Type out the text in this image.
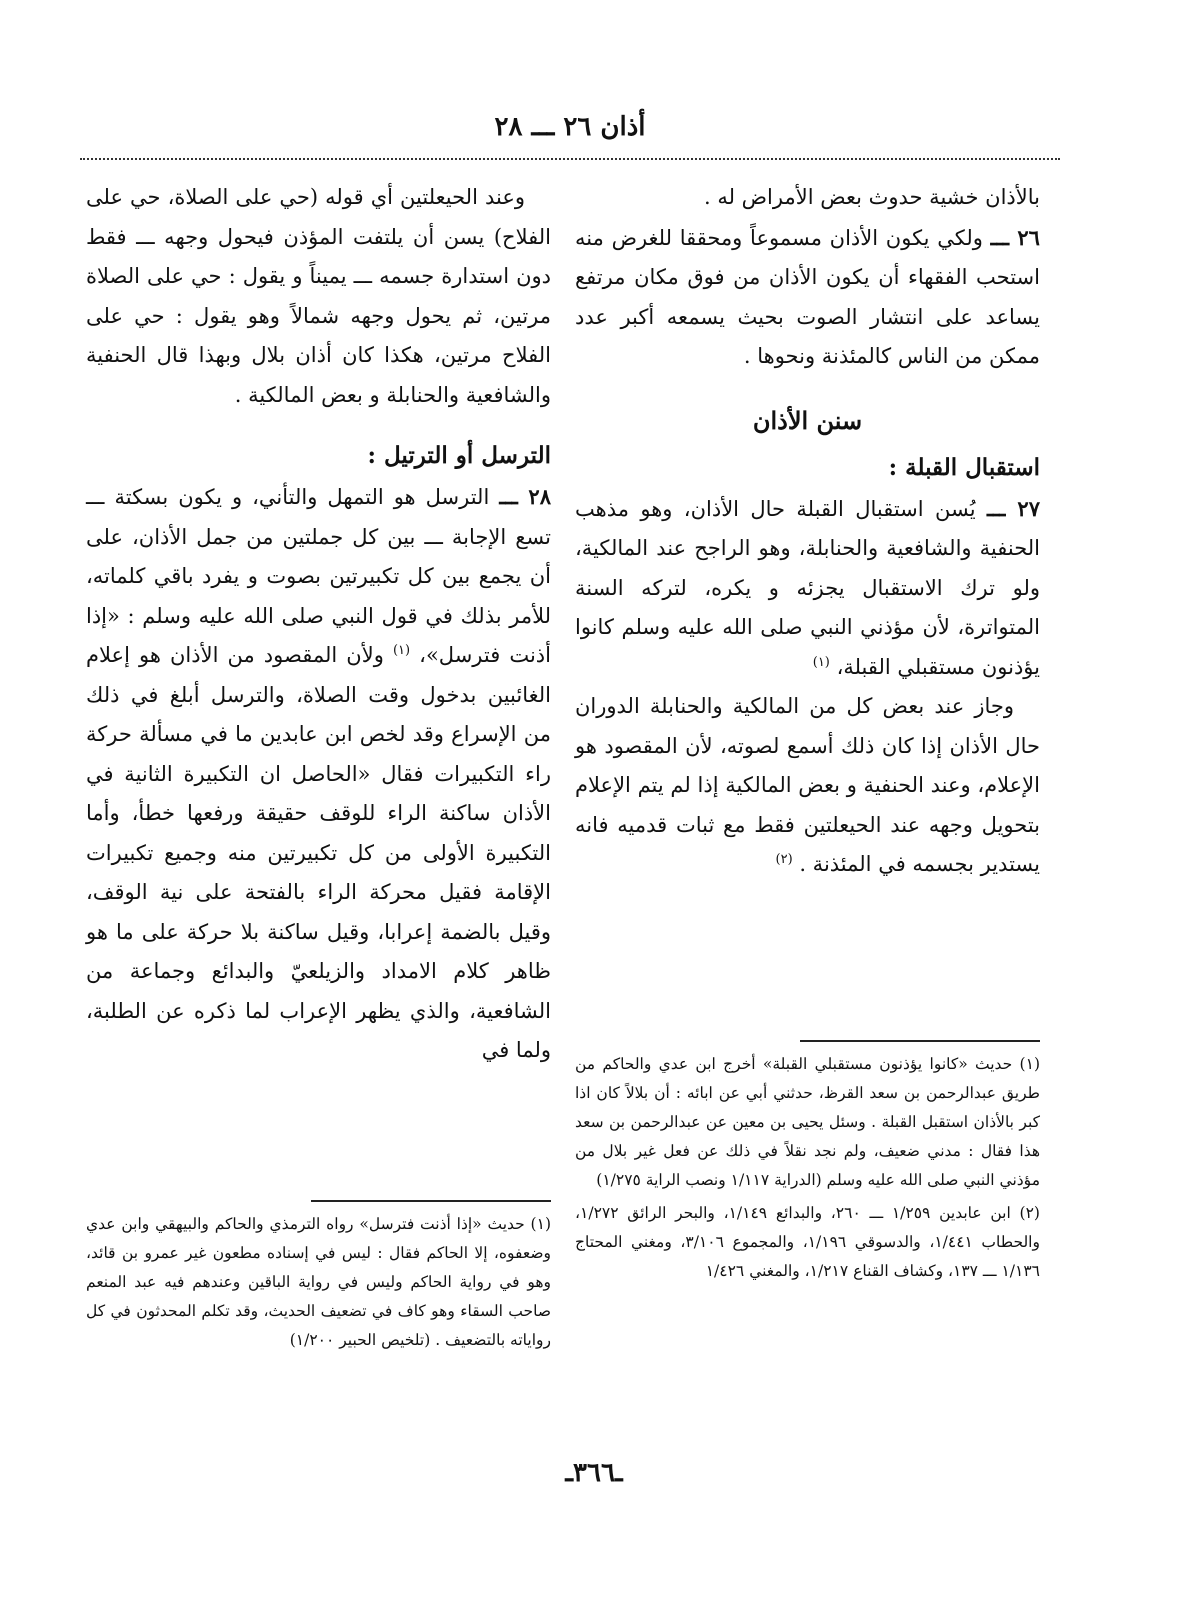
أذان ٢٦ ـــ ٢٨

بالأذان خشية حدوث بعض الأمراض له .

٢٦ ـــ ولكي يكون الأذان مسموعاً ومحققا للغرض منه استحب الفقهاء أن يكون الأذان من فوق مكان مرتفع يساعد على انتشار الصوت بحيث يسمعه أكبر عدد ممكن من الناس كالمئذنة ونحوها .

سنن الأذان

استقبال القبلة :

٢٧ ـــ يُسن استقبال القبلة حال الأذان، وهو مذهب الحنفية والشافعية والحنابلة، وهو الراجح عند المالكية، ولو ترك الاستقبال يجزئه و يكره، لتركه السنة المتواترة، لأن مؤذني النبي صلى الله عليه وسلم كانوا يؤذنون مستقبلي القبلة، $^{(١)}$

وجاز عند بعض كل من المالكية والحنابلة الدوران حال الأذان إذا كان ذلك أسمع لصوته، لأن المقصود هو الإعلام، وعند الحنفية و بعض المالكية إذا لم يتم الإعلام بتحويل وجهه عند الحيعلتين فقط مع ثبات قدميه فانه يستدير بجسمه في المئذنة . $^{(٢)}$

وعند الحيعلتين أي قوله (حي على الصلاة، حي على الفلاح) يسن أن يلتفت المؤذن فيحول وجهه ـــ فقط دون استدارة جسمه ـــ يميناً و يقول : حي على الصلاة مرتين، ثم يحول وجهه شمالاً وهو يقول : حي على الفلاح مرتين، هكذا كان أذان بلال وبهذا قال الحنفية والشافعية والحنابلة و بعض المالكية .

الترسل أو الترتيل :

٢٨ ـــ الترسل هو التمهل والتأني، و يكون بسكتة ـــ تسع الإجابة ـــ بين كل جملتين من جمل الأذان، على أن يجمع بين كل تكبيرتين بصوت و يفرد باقي كلماته، للأمر بذلك في قول النبي صلى الله عليه وسلم : «إذا أذنت فترسل»، $^{(١)}$ ولأن المقصود من الأذان هو إعلام الغائبين بدخول وقت الصلاة، والترسل أبلغ في ذلك من الإسراع وقد لخص ابن عابدين ما في مسألة حركة راء التكبيرات فقال «الحاصل ان التكبيرة الثانية في الأذان ساكنة الراء للوقف حقيقة ورفعها خطأ، وأما التكبيرة الأولى من كل تكبيرتين منه وجميع تكبيرات الإقامة فقيل محركة الراء بالفتحة على نية الوقف، وقيل بالضمة إعرابا، وقيل ساكنة بلا حركة على ما هو ظاهر كلام الامداد والزيلعيّ والبدائع وجماعة من الشافعية، والذي يظهر الإعراب لما ذكره عن الطلبة، ولما في

(١) حديث «كانوا يؤذنون مستقبلي القبلة» أخرج ابن عدي والحاكم من طريق عبدالرحمن بن سعد القرظ، حدثني أبي عن ابائه : أن بلالاً كان اذا كبر بالأذان استقبل القبلة . وسئل يحيى بن معين عن عبدالرحمن بن سعد هذا فقال : مدني ضعيف، ولم نجد نقلاً في ذلك عن فعل غير بلال من مؤذني النبي صلى الله عليه وسلم (الدراية ١/١١٧ ونصب الراية ١/٢٧٥)

(٢) ابن عابدين ١/٢٥٩ ـــ ٢٦٠، والبدائع ١/١٤٩، والبحر الرائق ١/٢٧٢، والحطاب ١/٤٤١، والدسوقي ١/١٩٦، والمجموع ٣/١٠٦، ومغني المحتاج ١/١٣٦ ـــ ١٣٧، وكشاف القناع ١/٢١٧، والمغني ١/٤٢٦

(١) حديث «إذا أذنت فترسل» رواه الترمذي والحاكم والبيهقي وابن عدي وضعفوه، إلا الحاكم فقال : ليس في إسناده مطعون غير عمرو بن قائد، وهو في رواية الحاكم وليس في رواية الباقين وعندهم فيه عبد المنعم صاحب السقاء وهو كاف في تضعيف الحديث، وقد تكلم المحدثون في كل رواياته بالتضعيف . (تلخيص الحبير ١/٢٠٠)

ـ٣٦٦ـ
